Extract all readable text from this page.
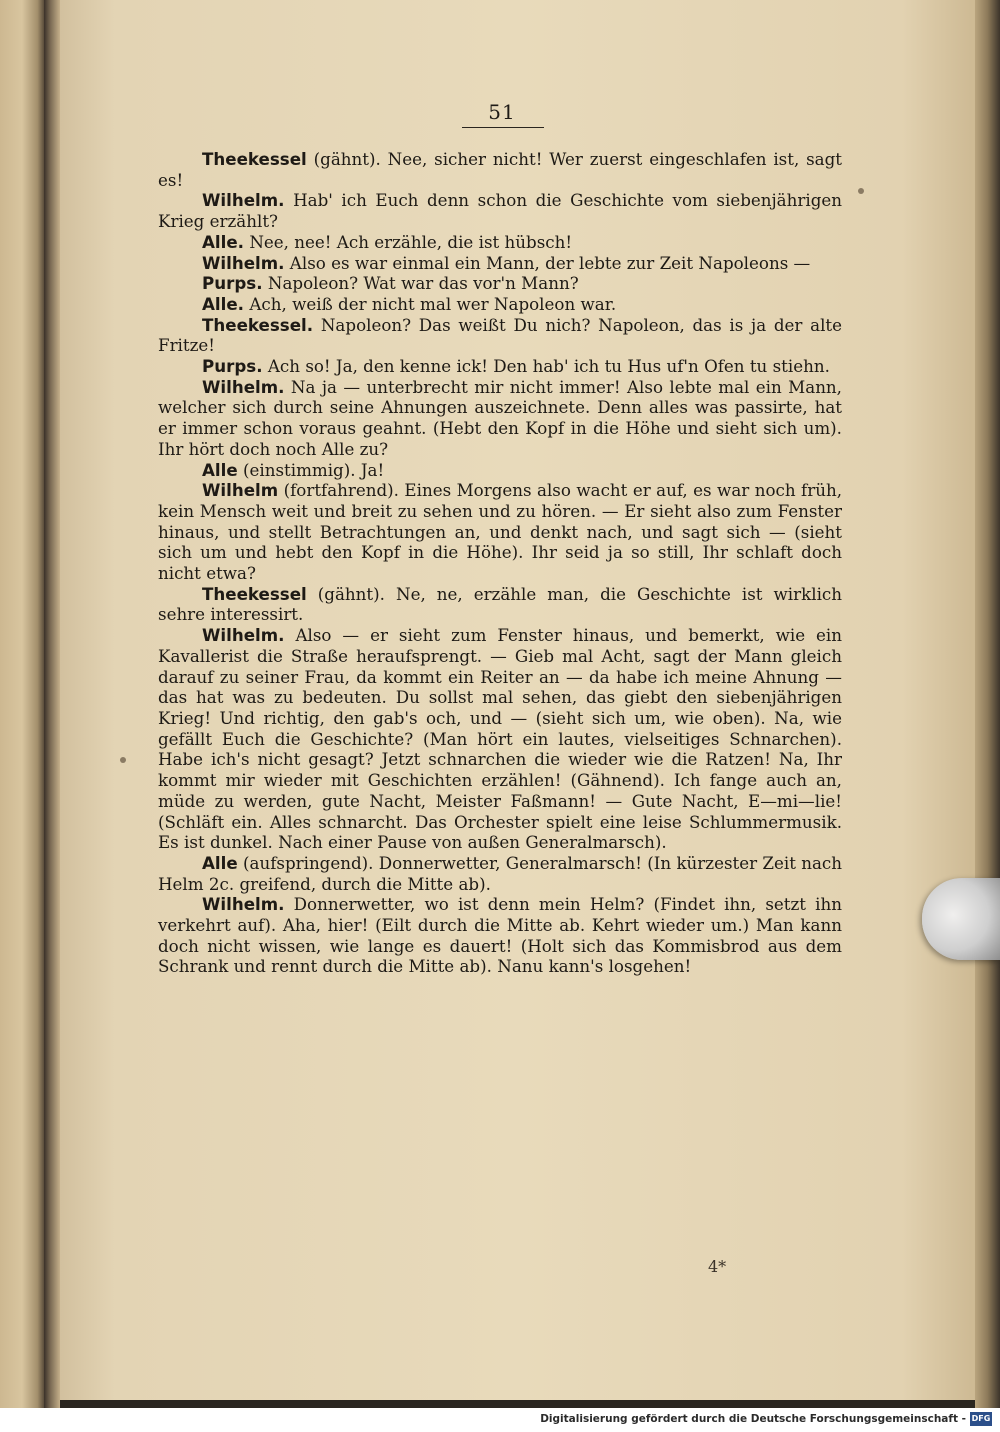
51

Theekessel (gähnt). Nee, sicher nicht! Wer zuerst eingeschlafen ist, sagt es!

Wilhelm. Hab' ich Euch denn schon die Geschichte vom siebenjährigen Krieg erzählt?

Alle. Nee, nee! Ach erzähle, die ist hübsch!

Wilhelm. Also es war einmal ein Mann, der lebte zur Zeit Napoleons —

Purps. Napoleon? Wat war das vor'n Mann?

Alle. Ach, weiß der nicht mal wer Napoleon war.

Theekessel. Napoleon? Das weißt Du nich? Napoleon, das is ja der alte Fritze!

Purps. Ach so! Ja, den kenne ick! Den hab' ich tu Hus uf'n Ofen tu stiehn.

Wilhelm. Na ja — unterbrecht mir nicht immer! Also lebte mal ein Mann, welcher sich durch seine Ahnungen auszeichnete. Denn alles was passirte, hat er immer schon voraus geahnt. (Hebt den Kopf in die Höhe und sieht sich um). Ihr hört doch noch Alle zu?

Alle (einstimmig). Ja!

Wilhelm (fortfahrend). Eines Morgens also wacht er auf, es war noch früh, kein Mensch weit und breit zu sehen und zu hören. — Er sieht also zum Fenster hinaus, und stellt Betrachtungen an, und denkt nach, und sagt sich — (sieht sich um und hebt den Kopf in die Höhe). Ihr seid ja so still, Ihr schlaft doch nicht etwa?

Theekessel (gähnt). Ne, ne, erzähle man, die Geschichte ist wirklich sehre interessirt.

Wilhelm. Also — er sieht zum Fenster hinaus, und bemerkt, wie ein Kavallerist die Straße heraufsprengt. — Gieb mal Acht, sagt der Mann gleich darauf zu seiner Frau, da kommt ein Reiter an — da habe ich meine Ahnung — das hat was zu bedeuten. Du sollst mal sehen, das giebt den siebenjährigen Krieg! Und richtig, den gab's och, und — (sieht sich um, wie oben). Na, wie gefällt Euch die Geschichte? (Man hört ein lautes, vielseitiges Schnarchen). Habe ich's nicht gesagt? Jetzt schnarchen die wieder wie die Ratzen! Na, Ihr kommt mir wieder mit Geschichten erzählen! (Gähnend). Ich fange auch an, müde zu werden, gute Nacht, Meister Faßmann! — Gute Nacht, E—mi—lie! (Schläft ein. Alles schnarcht. Das Orchester spielt eine leise Schlummermusik. Es ist dunkel. Nach einer Pause von außen Generalmarsch).

Alle (aufspringend). Donnerwetter, Generalmarsch! (In kürzester Zeit nach Helm 2c. greifend, durch die Mitte ab).

Wilhelm. Donnerwetter, wo ist denn mein Helm? (Findet ihn, setzt ihn verkehrt auf). Aha, hier! (Eilt durch die Mitte ab. Kehrt wieder um.) Man kann doch nicht wissen, wie lange es dauert! (Holt sich das Kommisbrod aus dem Schrank und rennt durch die Mitte ab). Nanu kann's losgehen!

4*
Digitalisierung gefördert durch die Deutsche Forschungsgemeinschaft - DFG
